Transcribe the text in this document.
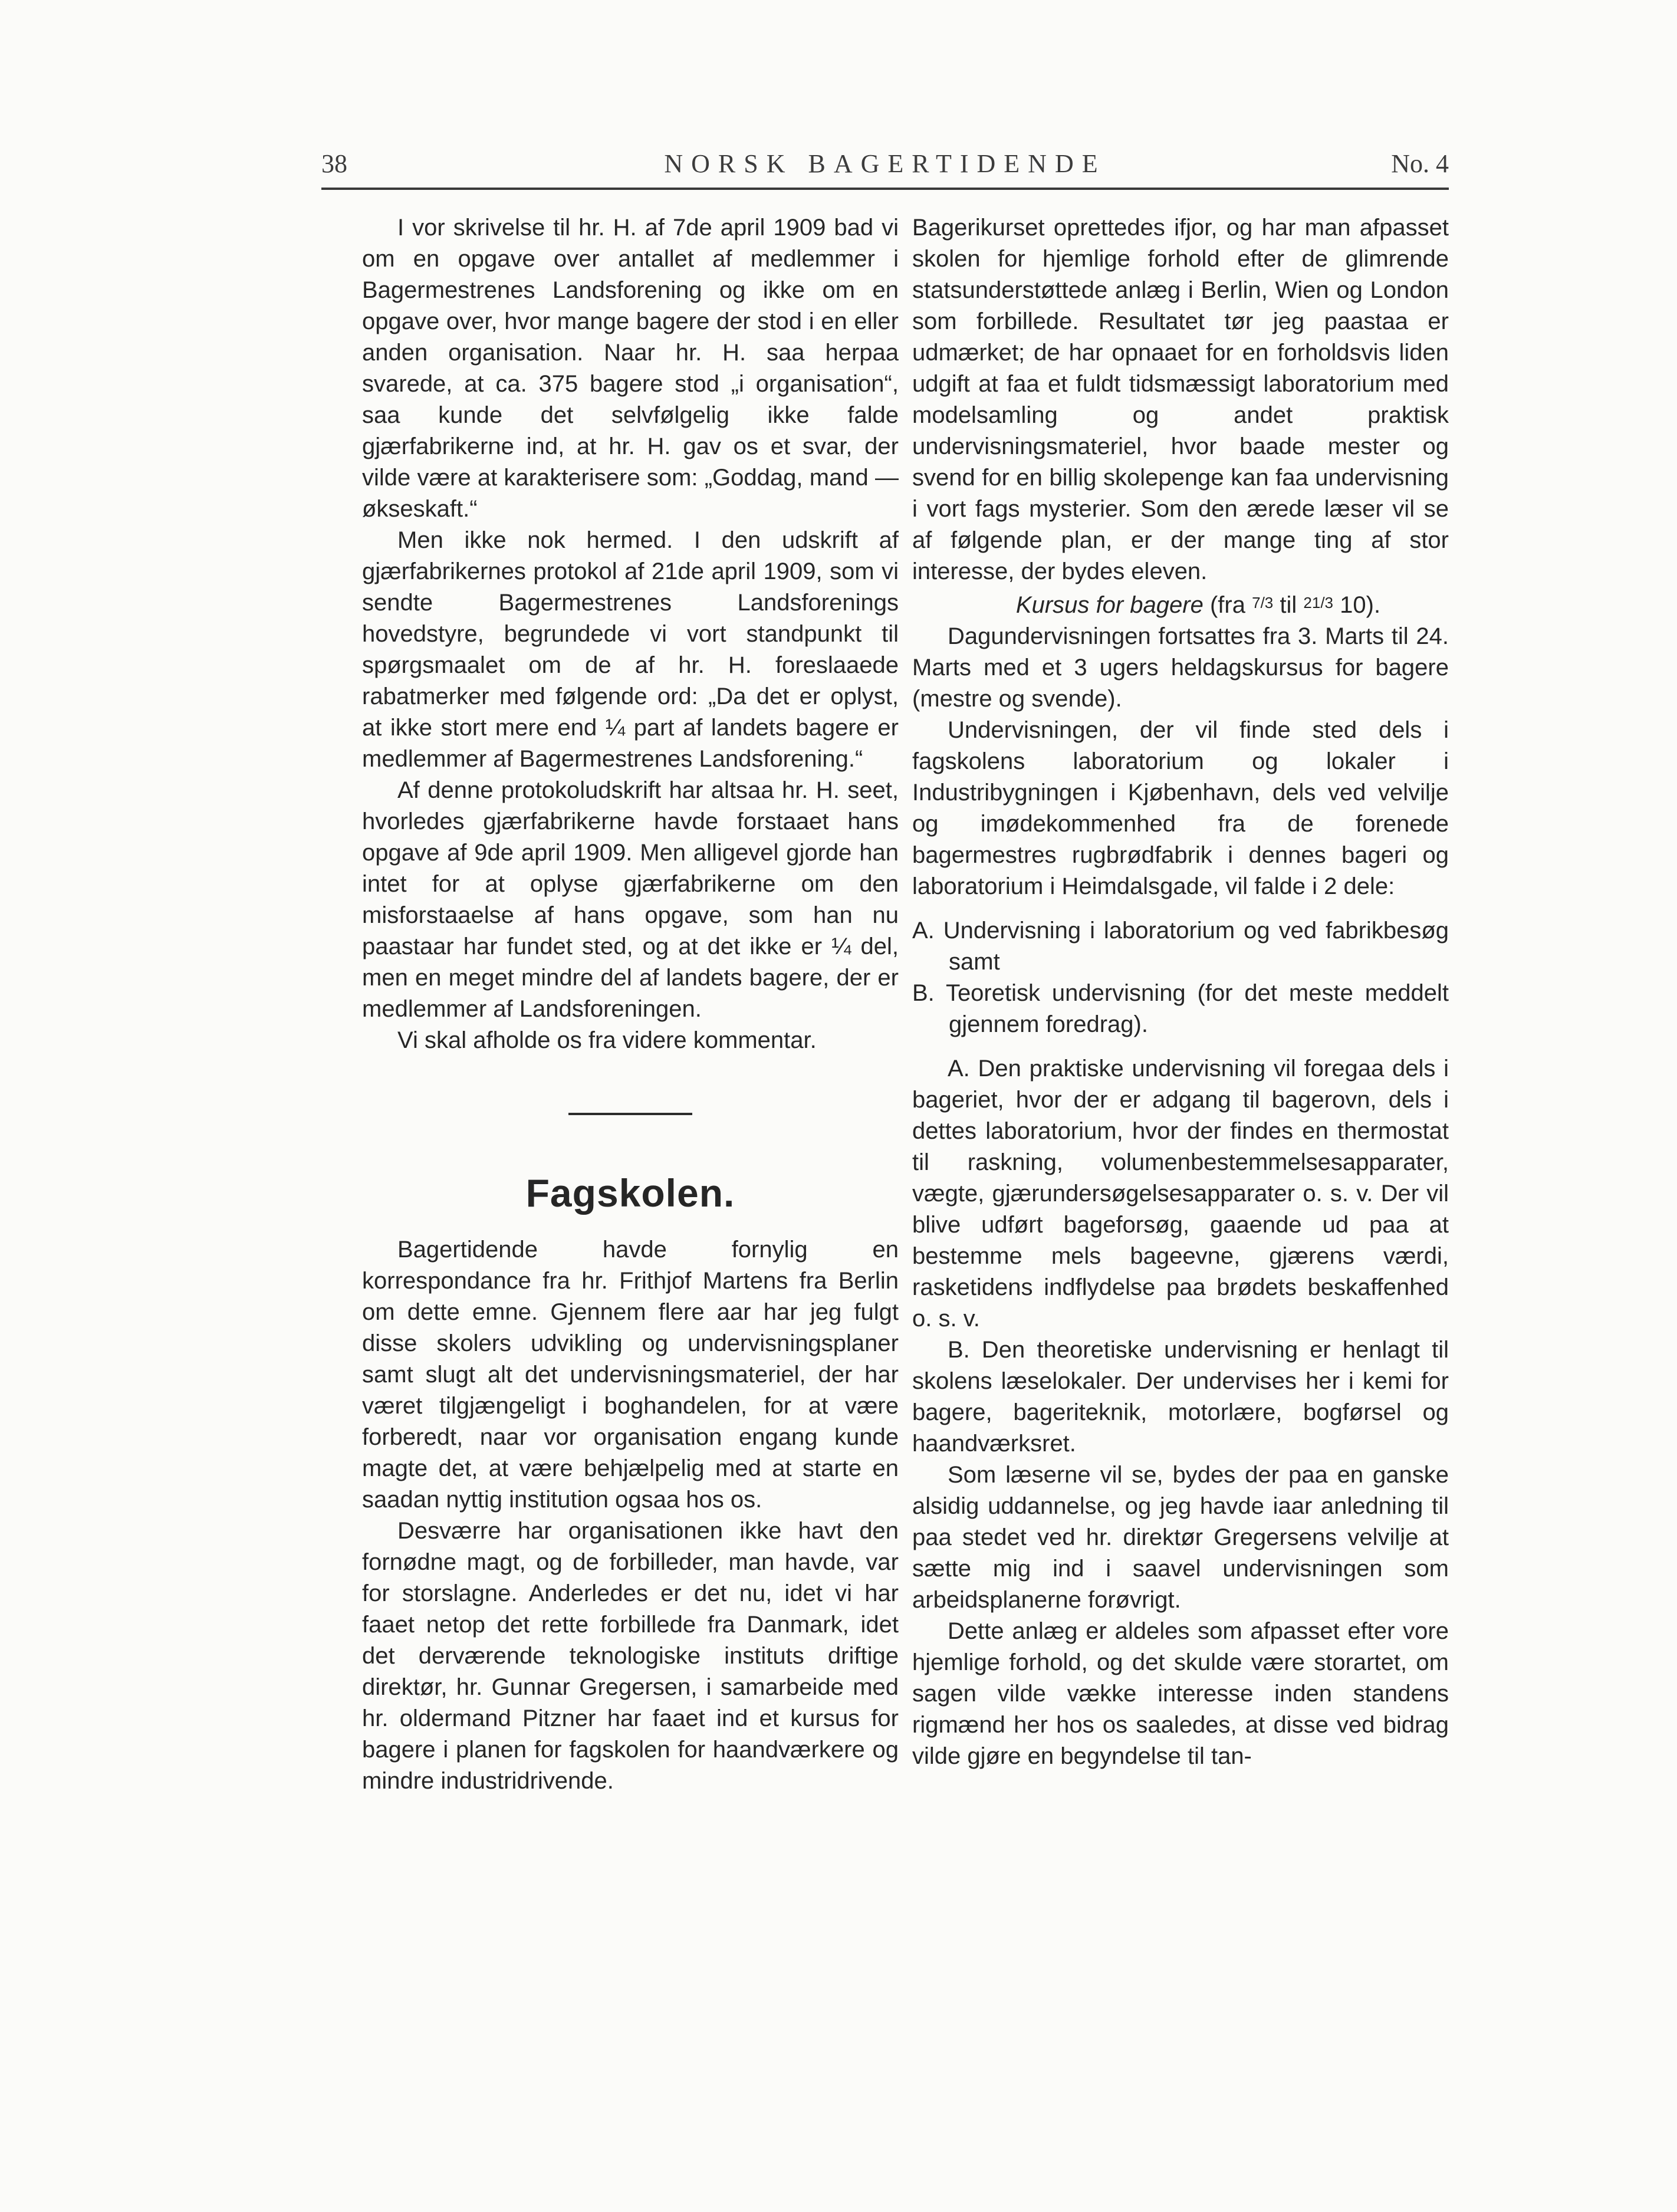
38	NORSK BAGERTIDENDE	No. 4

I vor skrivelse til hr. H. af 7de april 1909 bad vi om en opgave over antallet af medlemmer i Bagermestrenes Landsforening og ikke om en opgave over, hvor mange bagere der stod i en eller anden organisation. Naar hr. H. saa herpaa svarede, at ca. 375 bagere stod „i organisation“, saa kunde det selvfølgelig ikke falde gjærfabrikerne ind, at hr. H. gav os et svar, der vilde være at karakterisere som: „Goddag, mand — økseskaft.“

Men ikke nok hermed. I den udskrift af gjærfabrikernes protokol af 21de april 1909, som vi sendte Bagermestrenes Landsforenings hovedstyre, begrundede vi vort standpunkt til spørgsmaalet om de af hr. H. foreslaaede rabatmerker med følgende ord: „Da det er oplyst, at ikke stort mere end ¼ part af landets bagere er medlemmer af Bagermestrenes Landsforening.“

Af denne protokoludskrift har altsaa hr. H. seet, hvorledes gjærfabrikerne havde forstaaet hans opgave af 9de april 1909. Men alligevel gjorde han intet for at oplyse gjærfabrikerne om den misforstaaelse af hans opgave, som han nu paastaar har fundet sted, og at det ikke er ¼ del, men en meget mindre del af landets bagere, der er medlemmer af Landsforeningen.

Vi skal afholde os fra videre kommentar.

Fagskolen.

Bagertidende havde fornylig en korrespondance fra hr. Frithjof Martens fra Berlin om dette emne. Gjennem flere aar har jeg fulgt disse skolers udvikling og undervisningsplaner samt slugt alt det undervisningsmateriel, der har været tilgjængeligt i boghandelen, for at være forberedt, naar vor organisation engang kunde magte det, at være behjælpelig med at starte en saadan nyttig institution ogsaa hos os.

Desværre har organisationen ikke havt den fornødne magt, og de forbilleder, man havde, var for storslagne. Anderledes er det nu, idet vi har faaet netop det rette forbillede fra Danmark, idet det derværende teknologiske instituts driftige direktør, hr. Gunnar Gregersen, i samarbeide med hr. oldermand Pitzner har faaet ind et kursus for bagere i planen for fagskolen for haandværkere og mindre industridrivende.

Bagerikurset oprettedes ifjor, og har man afpasset skolen for hjemlige forhold efter de glimrende statsunderstøttede anlæg i Berlin, Wien og London som forbillede. Resultatet tør jeg paastaa er udmærket; de har opnaaet for en forholdsvis liden udgift at faa et fuldt tidsmæssigt laboratorium med modelsamling og andet praktisk undervisningsmateriel, hvor baade mester og svend for en billig skolepenge kan faa undervisning i vort fags mysterier. Som den ærede læser vil se af følgende plan, er der mange ting af stor interesse, der bydes eleven.

Kursus for bagere (fra $^{7/3}$ til $^{21/3}$ 10).

Dagundervisningen fortsattes fra 3. Marts til 24. Marts med et 3 ugers heldagskursus for bagere (mestre og svende).

Undervisningen, der vil finde sted dels i fagskolens laboratorium og lokaler i Industribygningen i Kjøbenhavn, dels ved velvilje og imødekommenhed fra de forenede bagermestres rugbrødfabrik i dennes bageri og laboratorium i Heimdalsgade, vil falde i 2 dele:

A. Undervisning i laboratorium og ved fabrikbesøg samt

B. Teoretisk undervisning (for det meste meddelt gjennem foredrag).

A. Den praktiske undervisning vil foregaa dels i bageriet, hvor der er adgang til bagerovn, dels i dettes laboratorium, hvor der findes en thermostat til raskning, volumenbestemmelsesapparater, vægte, gjærundersøgelsesapparater o. s. v. Der vil blive udført bageforsøg, gaaende ud paa at bestemme mels bageevne, gjærens værdi, rasketidens indflydelse paa brødets beskaffenhed o. s. v.

B. Den theoretiske undervisning er henlagt til skolens læselokaler. Der undervises her i kemi for bagere, bageriteknik, motorlære, bogførsel og haandværksret.

Som læserne vil se, bydes der paa en ganske alsidig uddannelse, og jeg havde iaar anledning til paa stedet ved hr. direktør Gregersens velvilje at sætte mig ind i saavel undervisningen som arbeidsplanerne forøvrigt.

Dette anlæg er aldeles som afpasset efter vore hjemlige forhold, og det skulde være storartet, om sagen vilde vække interesse inden standens rigmænd her hos os saaledes, at disse ved bidrag vilde gjøre en begyndelse til tan-
